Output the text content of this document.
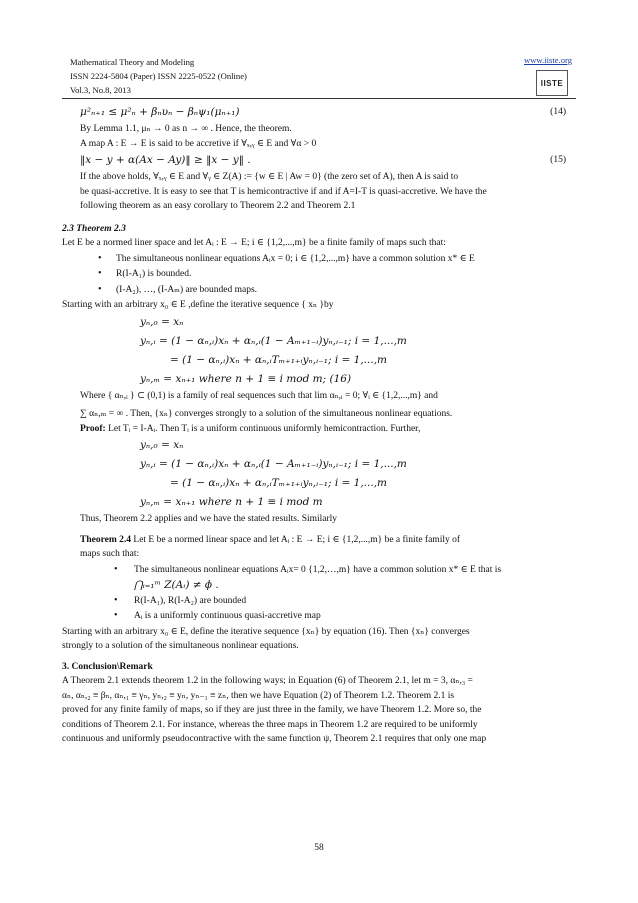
Mathematical Theory and Modeling
ISSN 2224-5804 (Paper) ISSN 2225-0522 (Online)
Vol.3, No.8, 2013
www.iiste.org
IISTE
μ²ₙ₊₁ ≤ μ²ₙ + βₙυₙ − βₙψ₁(μₙ₊₁)	(14)

By Lemma 1.1, μₙ → 0 as n → ∞ . Hence, the theorem.

A map A : E → E is said to be accretive if ∀ₓ,ᵧ ∈ E and ∀α > 0

‖x − y + α(Ax − Ay)‖ ≥ ‖x − y‖ .	(15)

If the above holds, ∀ₓ,ᵧ ∈ E and ∀ᵧ ∈ Z(A) := {w ∈ E | Aw = 0} (the zero set of A), then A is said to

be quasi-accretive. It is easy to see that T is hemicontractive if and if A=I-T is quasi-accretive. We have the

following theorem as an easy corollary to Theorem 2.2 and Theorem 2.1

2.3 Theorem 2.3

Let E be a normed liner space and let Aᵢ : E → E; i ∈ {1,2,...,m} be a finite family of maps such that:

• The simultaneous nonlinear equations Aᵢx = 0; i ∈ {1,2,...,m} have a common solution x* ∈ E
• R(I-A₁) is bounded.
• (I-A₂), …, (I-Aₘ) are bounded maps.

Starting with an arbitrary x₀ ∈ E ,define the iterative sequence { xₙ }by

yₙ,₀ = xₙ
yₙ,ᵢ = (1 − αₙ,ᵢ)xₙ + αₙ,ᵢ(1 − Aₘ₊₁₋ᵢ)yₙ,ᵢ₋₁; i = 1,...,m
= (1 − αₙ,ᵢ)xₙ + αₙ,ᵢTₘ₊₁₊ᵢyₙ,ᵢ₋₁; i = 1,...,m
yₙ,ₘ = xₙ₊₁ where n + 1 ≡ i mod m; (16)

Where { αₙ,ᵢ } ⊂ (0,1) is a family of real sequences such that lim αₙ,ᵢ = 0; ∀ᵢ ∈ {1,2,...,m} and

∑ αₙ,ₘ = ∞ . Then, {xₙ} converges strongly to a solution of the simultaneous nonlinear equations.

Proof: Let Tᵢ = I-Aᵢ. Then Tᵢ is a uniform continuous uniformly hemicontraction. Further,

yₙ,₀ = xₙ
yₙ,ᵢ = (1 − αₙ,ᵢ)xₙ + αₙ,ᵢ(1 − Aₘ₊₁₋ᵢ)yₙ,ᵢ₋₁; i = 1,...,m
= (1 − αₙ,ᵢ)xₙ + αₙ,ᵢTₘ₊₁₊ᵢyₙ,ᵢ₋₁; i = 1,...,m
yₙ,ₘ = xₙ₊₁ where n + 1 ≡ i mod m

Thus, Theorem 2.2 applies and we have the stated results. Similarly

Theorem 2.4 Let E be a normed linear space and let Aᵢ : E → E; i ∈ {1,2,...,m} be a finite family of

maps such that:

• The simultaneous nonlinear equations Aᵢx= 0 {1,2,…,m} have a common solution x* ∈ E that is
⋂ᵢ₌₁ᵐ Z(Aᵢ) ≠ ϕ .
• R(I-A₁), R(I-A₂) are bounded
• Aᵢ is a uniformly continuous quasi-accretive map

Starting with an arbitrary x₀ ∈ E, define the iterative sequence {xₙ} by equation (16). Then {xₙ} converges

strongly to a solution of the simultaneous nonlinear equations.

3. Conclusion\Remark

A Theorem 2.1 extends theorem 1.2 in the following ways; in Equation (6) of Theorem 2.1, let m = 3, αₙ,₃ =

αₙ, αₙ,₂ ≡ βₙ, αₙ,₁ ≡ γₙ, yₙ,₂ ≡ yₙ, yₙ₋₁ ≡ zₙ, then we have Equation (2) of Theorem 1.2. Theorem 2.1 is

proved for any finite family of maps, so if they are just three in the family, we have Theorem 1.2. More so, the

conditions of Theorem 2.1. For instance, whereas the three maps in Theorem 1.2 are required to be uniformly

continuous and uniformly pseudocontractive with the same function ψ, Theorem 2.1 requires that only one map

58
